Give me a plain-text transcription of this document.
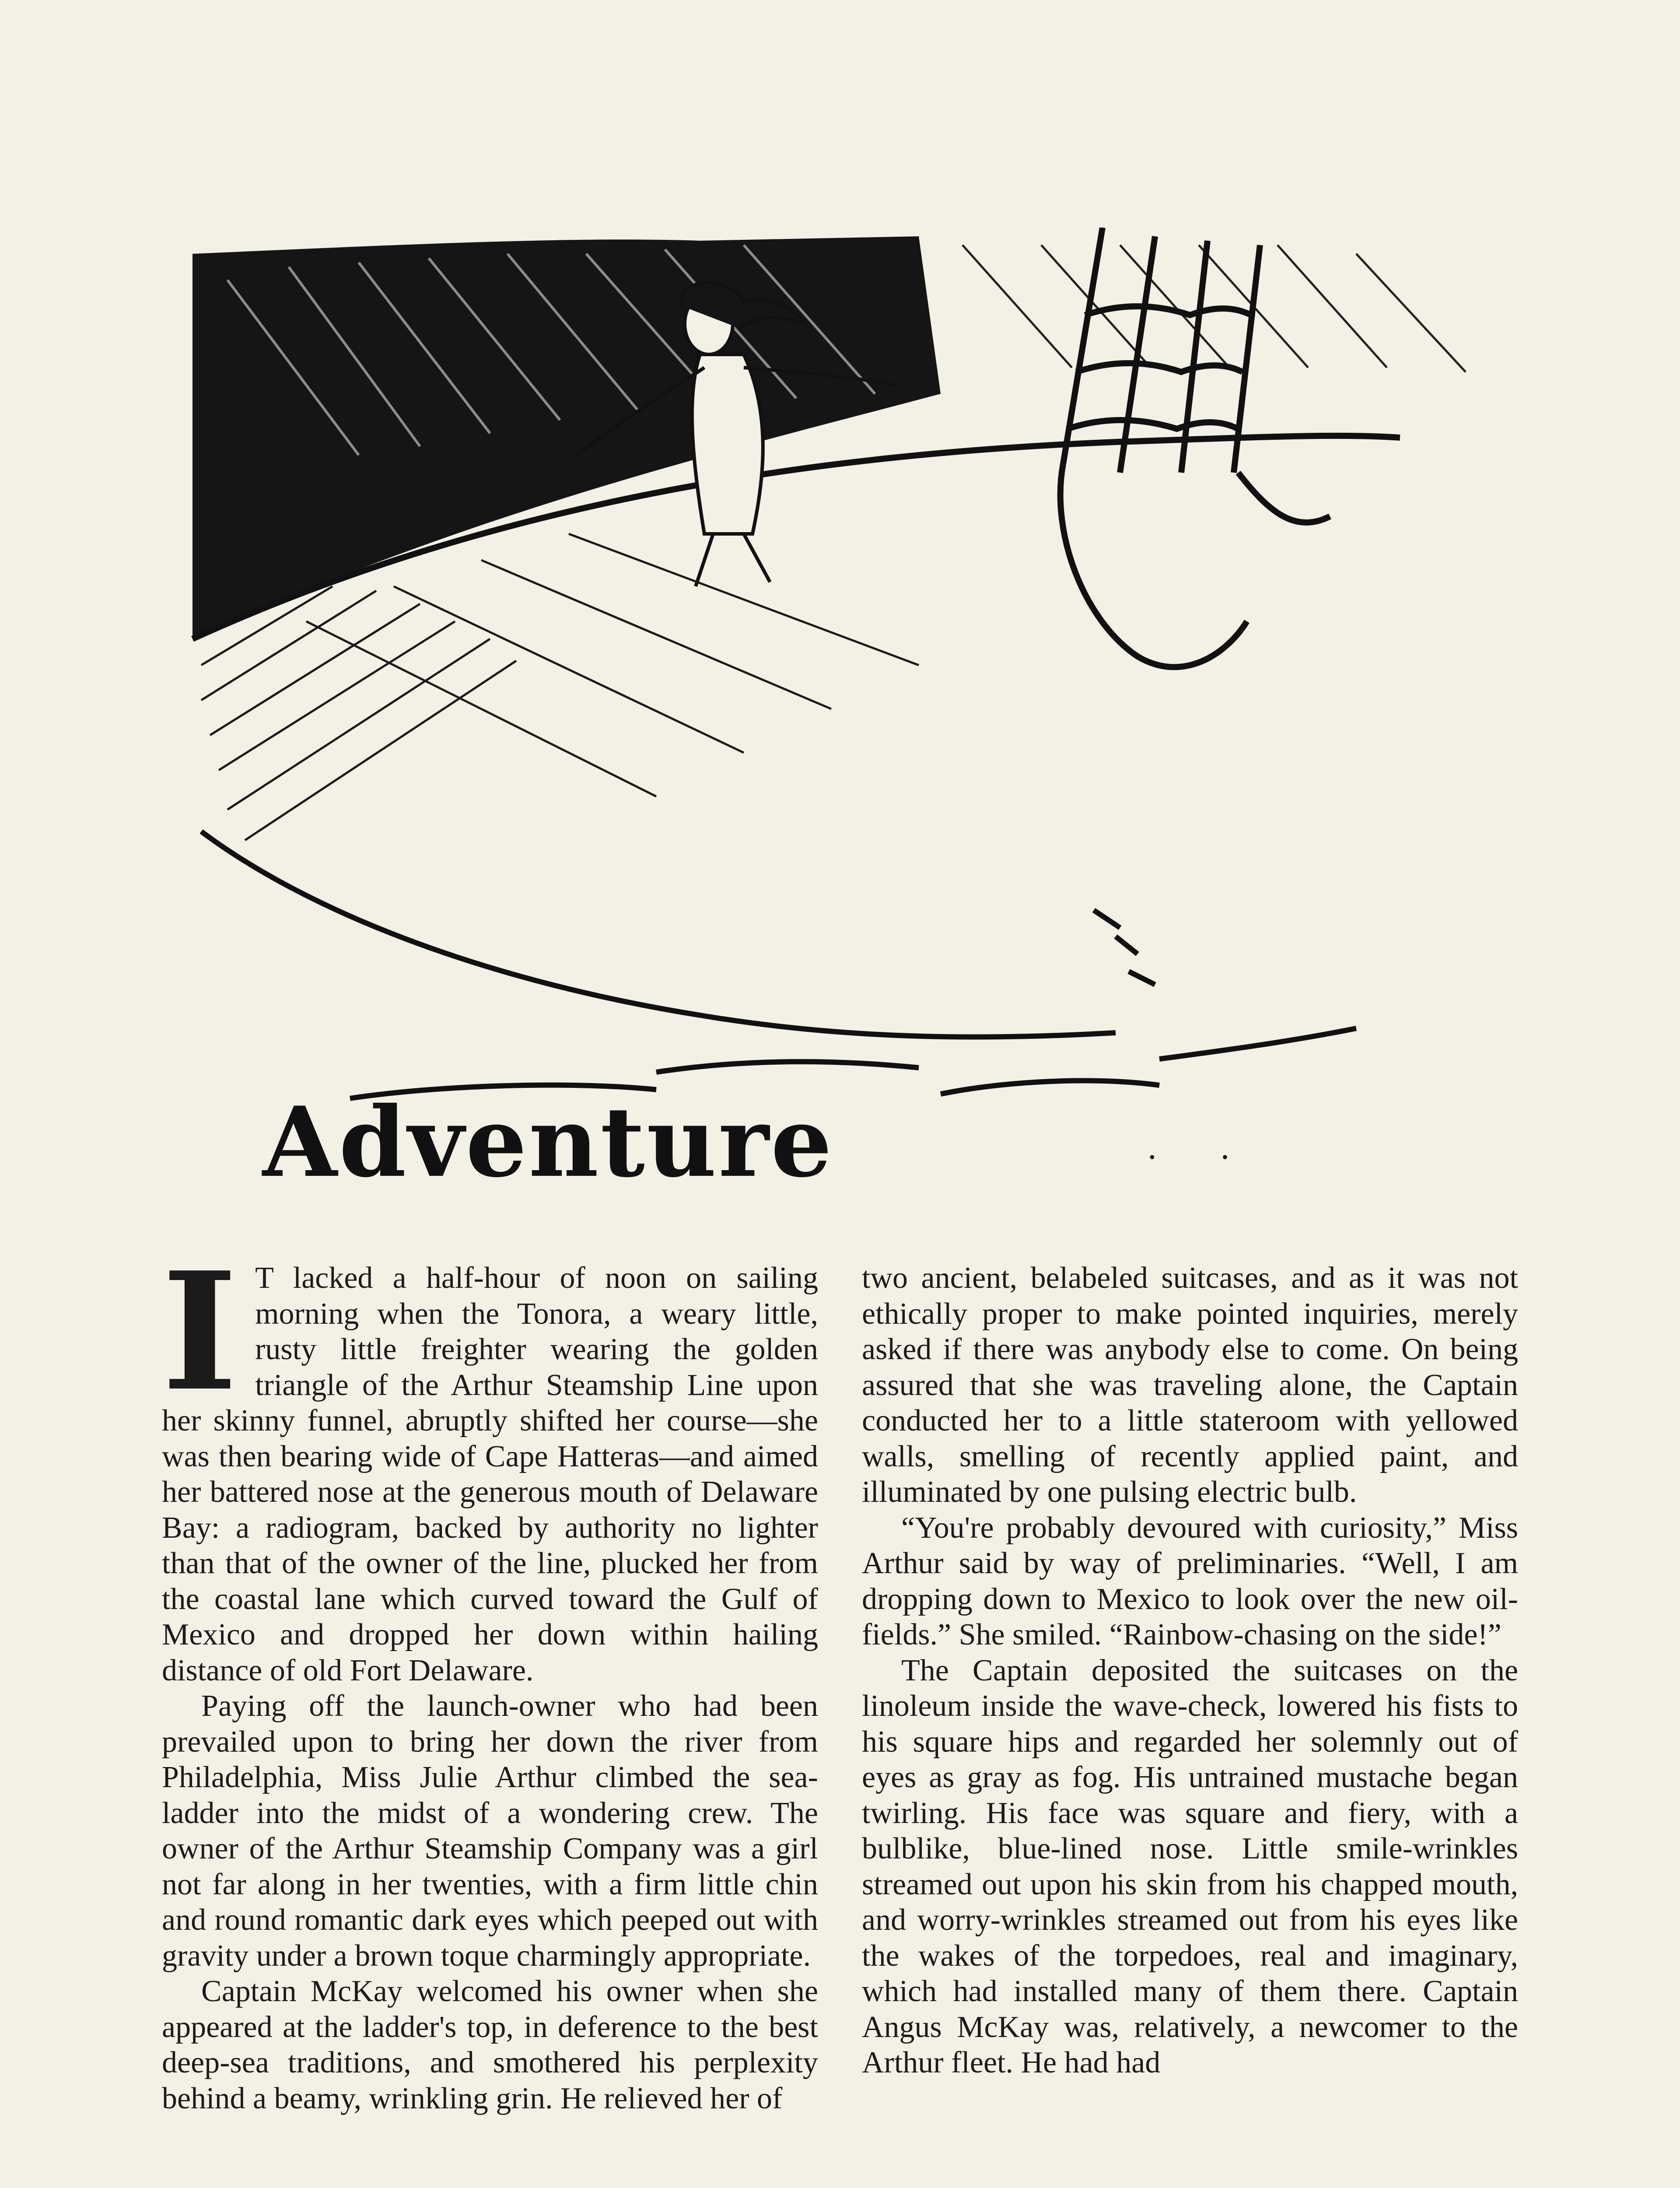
Adventure	· ·
I T lacked a half-hour of noon on sailing morning when the Tonora, a weary little, rusty little freighter wearing the golden triangle of the Arthur Steamship Line upon her skinny funnel, abruptly shifted her course—she was then bearing wide of Cape Hatteras—and aimed her battered nose at the generous mouth of Delaware Bay: a radiogram, backed by authority no lighter than that of the owner of the line, plucked her from the coastal lane which curved toward the Gulf of Mexico and dropped her down within hailing distance of old Fort Delaware.

Paying off the launch-owner who had been prevailed upon to bring her down the river from Philadelphia, Miss Julie Arthur climbed the sea-ladder into the midst of a wondering crew. The owner of the Arthur Steamship Company was a girl not far along in her twenties, with a firm little chin and round romantic dark eyes which peeped out with gravity under a brown toque charmingly appropriate.

Captain McKay welcomed his owner when she appeared at the ladder's top, in deference to the best deep-sea traditions, and smothered his perplexity behind a beamy, wrinkling grin. He relieved her of

two ancient, belabeled suitcases, and as it was not ethically proper to make pointed inquiries, merely asked if there was anybody else to come. On being assured that she was traveling alone, the Captain conducted her to a little stateroom with yellowed walls, smelling of recently applied paint, and illuminated by one pulsing electric bulb.

“You're probably devoured with curiosity,” Miss Arthur said by way of preliminaries. “Well, I am dropping down to Mexico to look over the new oil-fields.” She smiled. “Rainbow-chasing on the side!”

The Captain deposited the suitcases on the linoleum inside the wave-check, lowered his fists to his square hips and regarded her solemnly out of eyes as gray as fog. His untrained mustache began twirling. His face was square and fiery, with a bulblike, blue-lined nose. Little smile-wrinkles streamed out upon his skin from his chapped mouth, and worry-wrinkles streamed out from his eyes like the wakes of the torpedoes, real and imaginary, which had installed many of them there. Captain Angus McKay was, relatively, a newcomer to the Arthur fleet. He had had
